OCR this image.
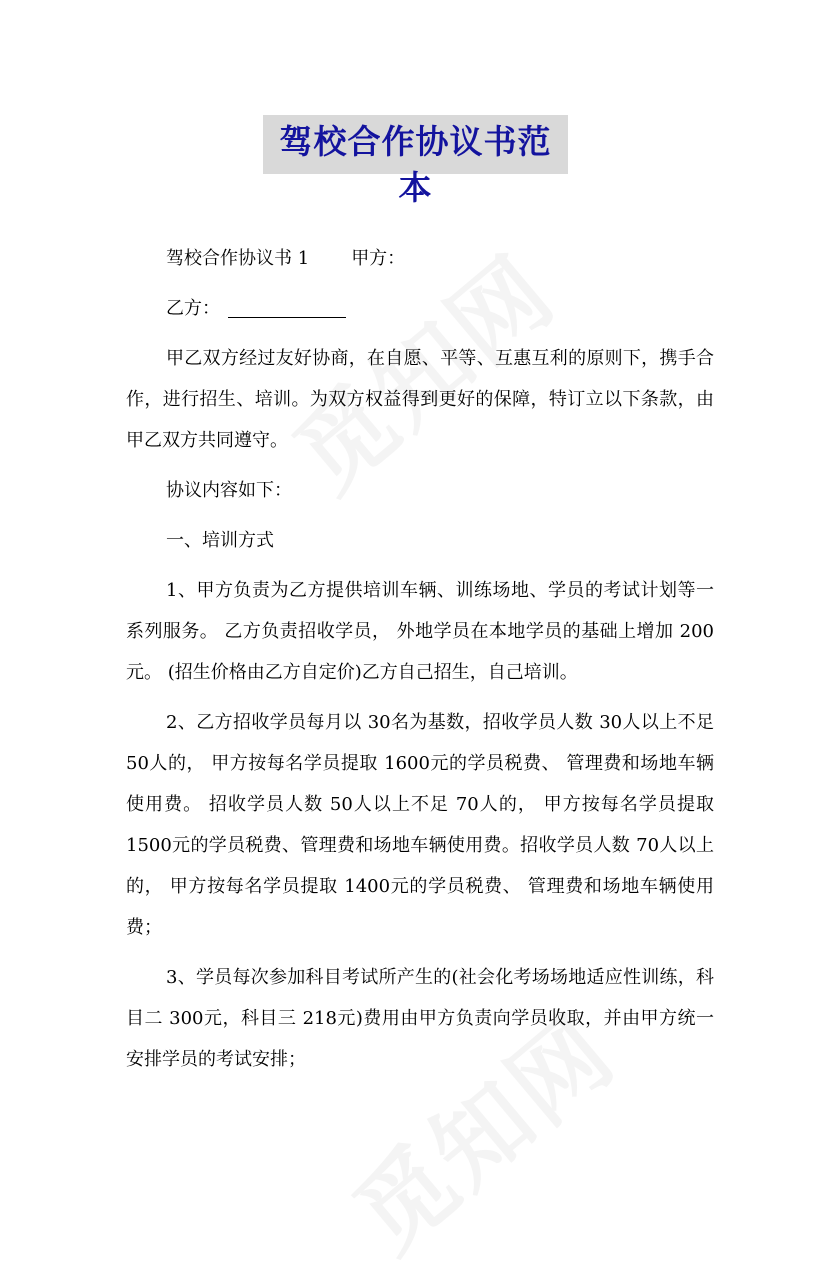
驾校合作协议书范本

驾校合作协议书 1 甲方：

乙方：

甲乙双方经过友好协商，在自愿、平等、互惠互利的原则下，携手合作，进行招生、培训。为双方权益得到更好的保障，特订立以下条款，由甲乙双方共同遵守。

协议内容如下：

一、培训方式

1、甲方负责为乙方提供培训车辆、训练场地、学员的考试计划等一系列服务。 乙方负责招收学员， 外地学员在本地学员的基础上增加 200元。 (招生价格由乙方自定价)乙方自己招生，自己培训。

2、乙方招收学员每月以 30名为基数，招收学员人数 30人以上不足 50人的， 甲方按每名学员提取 1600元的学员税费、 管理费和场地车辆使用费。 招收学员人数 50人以上不足 70人的， 甲方按每名学员提取 1500元的学员税费、管理费和场地车辆使用费。招收学员人数 70人以上的， 甲方按每名学员提取 1400元的学员税费、 管理费和场地车辆使用费；

3、学员每次参加科目考试所产生的(社会化考场场地适应性训练，科目二 300元，科目三 218元)费用由甲方负责向学员收取，并由甲方统一安排学员的考试安排；
